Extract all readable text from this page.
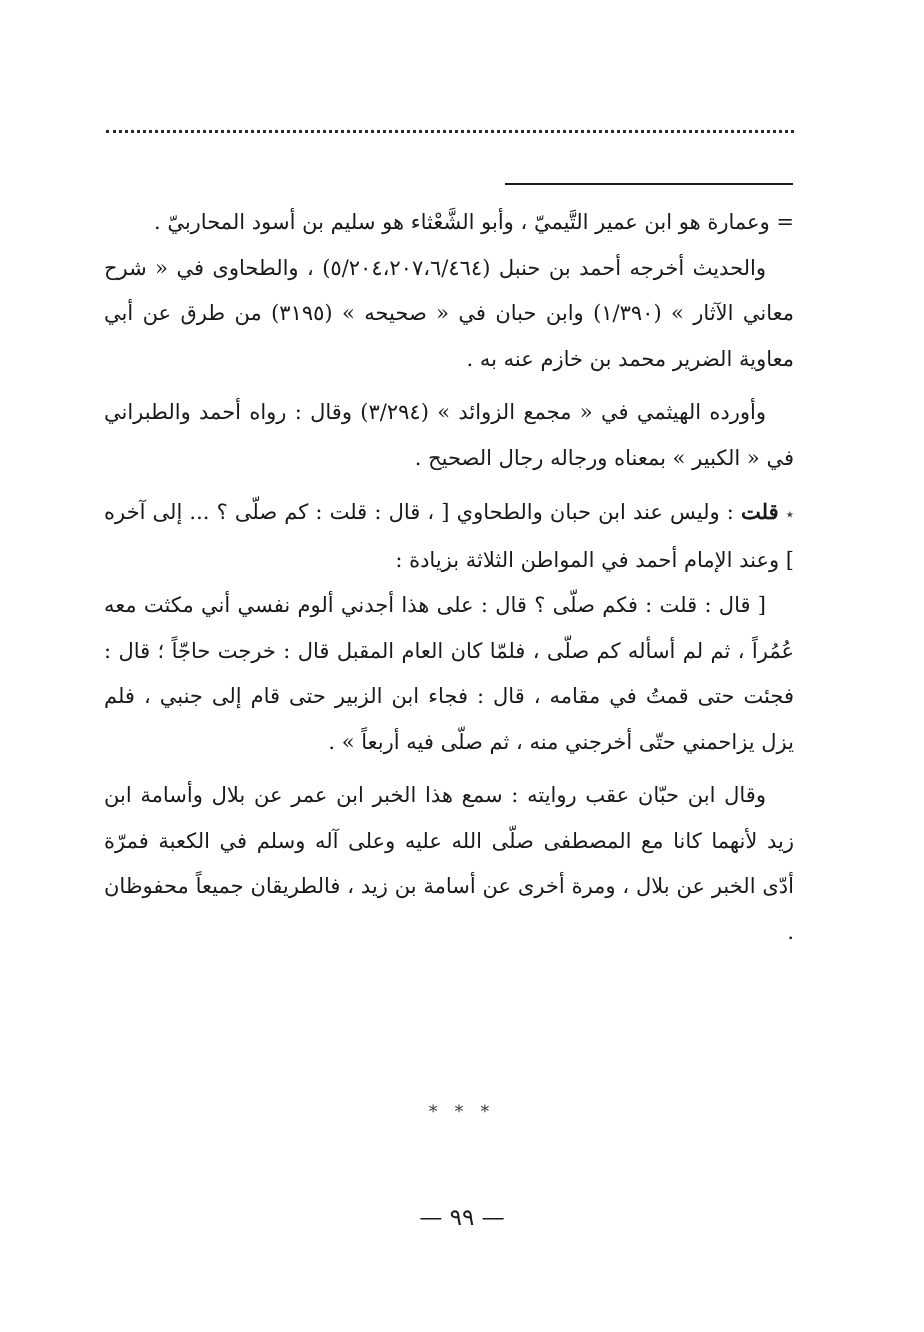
= وعمارة هو ابن عمير التَّيميّ ، وأبو الشَّعْثاء هو سليم بن أسود المحاربيّ .

والحديث أخرجه أحمد بن حنبل (٥/٢٠٤،٢٠٧،٦/٤٦٤) ، والطحاوى في « شرح معاني الآثار » (١/٣٩٠) وابن حبان في « صحيحه » (٣١٩٥) من طرق عن أبي معاوية الضرير محمد بن خازم عنه به .

وأورده الهيثمي في « مجمع الزوائد » (٣/٢٩٤) وقال : رواه أحمد والطبراني في « الكبير » بمعناه ورجاله رجال الصحيح .

٭ قلت : وليس عند ابن حبان والطحاوي [ ، قال : قلت : كم صلّى ؟ ... إلى آخره ] وعند الإمام أحمد في المواطن الثلاثة بزيادة :

[ قال : قلت : فكم صلّى ؟ قال : على هذا أجدني ألوم نفسي أني مكثت معه عُمُراً ، ثم لم أسأله كم صلّى ، فلمّا كان العام المقبل قال : خرجت حاجّاً ؛ قال : فجئت حتى قمتُ في مقامه ، قال : فجاء ابن الزبير حتى قام إلى جنبي ، فلم يزل يزاحمني حتّى أخرجني منه ، ثم صلّى فيه أربعاً » .

وقال ابن حبّان عقب روايته : سمع هذا الخبر ابن عمر عن بلال وأسامة ابن زيد لأنهما كانا مع المصطفى صلّى الله عليه وعلى آله وسلم في الكعبة فمرّة أدّى الخبر عن بلال ، ومرة أخرى عن أسامة بن زيد ، فالطريقان جميعاً محفوظان .

* * *
— ٩٩ —
